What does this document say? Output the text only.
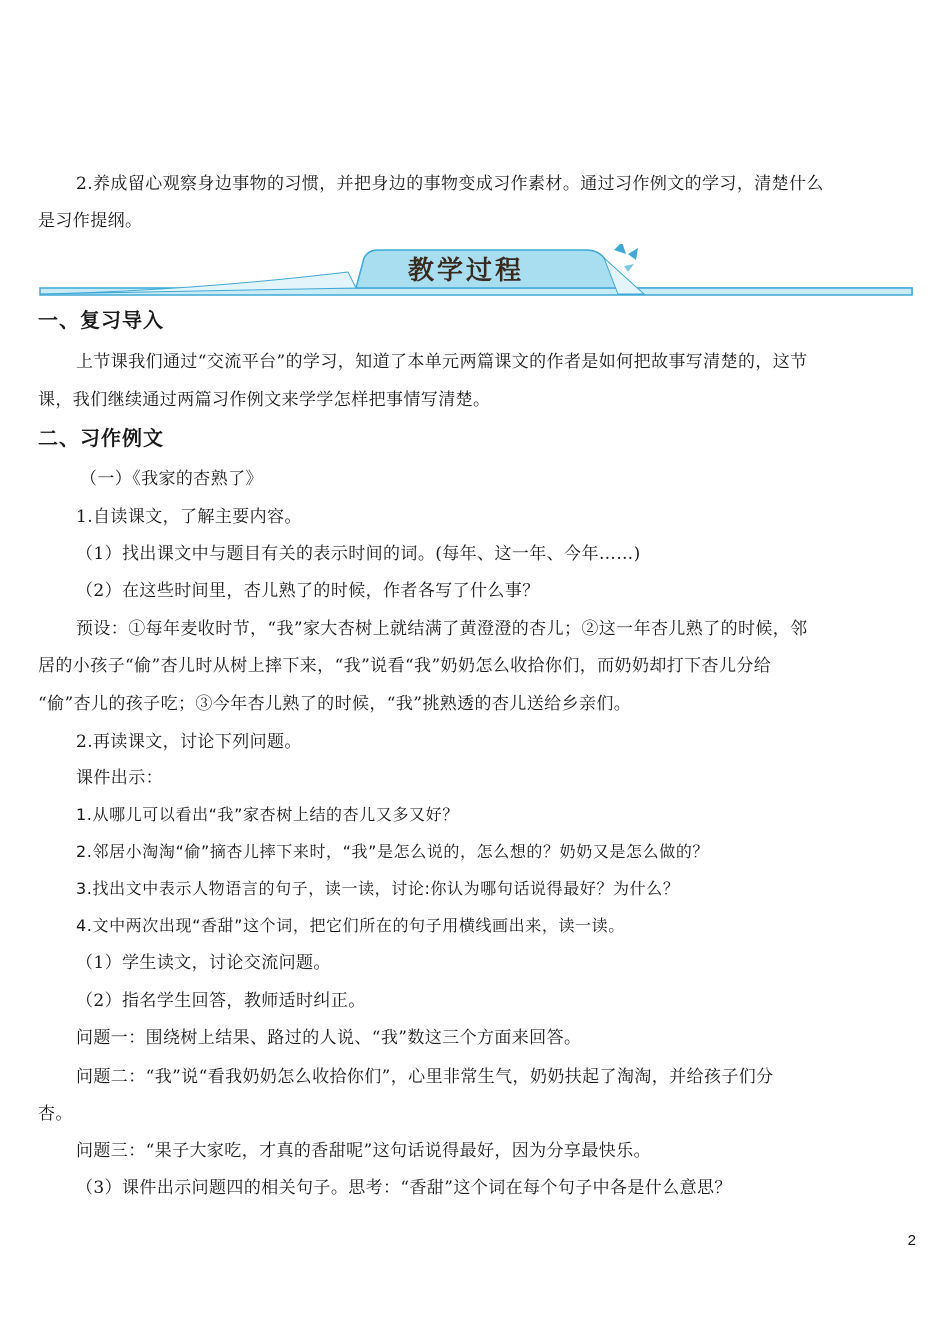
2.养成留心观察身边事物的习惯，并把身边的事物变成习作素材。通过习作例文的学习，清楚什么
是习作提纲。
教学过程
一、复习导入
上节课我们通过“交流平台”的学习，知道了本单元两篇课文的作者是如何把故事写清楚的，这节
课，我们继续通过两篇习作例文来学学怎样把事情写清楚。
二、习作例文
（一）《我家的杏熟了》
1.自读课文，了解主要内容。
（1）找出课文中与题目有关的表示时间的词。(每年、这一年、今年……)
（2）在这些时间里，杏儿熟了的时候，作者各写了什么事？
预设：①每年麦收时节，“我”家大杏树上就结满了黄澄澄的杏儿；②这一年杏儿熟了的时候，邻
居的小孩子“偷”杏儿时从树上摔下来，“我”说看“我”奶奶怎么收拾你们，而奶奶却打下杏儿分给
“偷”杏儿的孩子吃；③今年杏儿熟了的时候，“我”挑熟透的杏儿送给乡亲们。
2.再读课文，讨论下列问题。
课件出示：
1.从哪儿可以看出“我”家杏树上结的杏儿又多又好？
2.邻居小淘淘“偷”摘杏儿摔下来时，“我”是怎么说的，怎么想的？奶奶又是怎么做的？
3.找出文中表示人物语言的句子，读一读，讨论:你认为哪句话说得最好？为什么？
4.文中两次出现“香甜”这个词，把它们所在的句子用横线画出来，读一读。
（1）学生读文，讨论交流问题。
（2）指名学生回答，教师适时纠正。
问题一：围绕树上结果、路过的人说、“我”数这三个方面来回答。
问题二：“我”说“看我奶奶怎么收拾你们”，心里非常生气，奶奶扶起了淘淘，并给孩子们分
杏。
问题三：“果子大家吃，才真的香甜呢”这句话说得最好，因为分享最快乐。
（3）课件出示问题四的相关句子。思考：“香甜”这个词在每个句子中各是什么意思？
2
